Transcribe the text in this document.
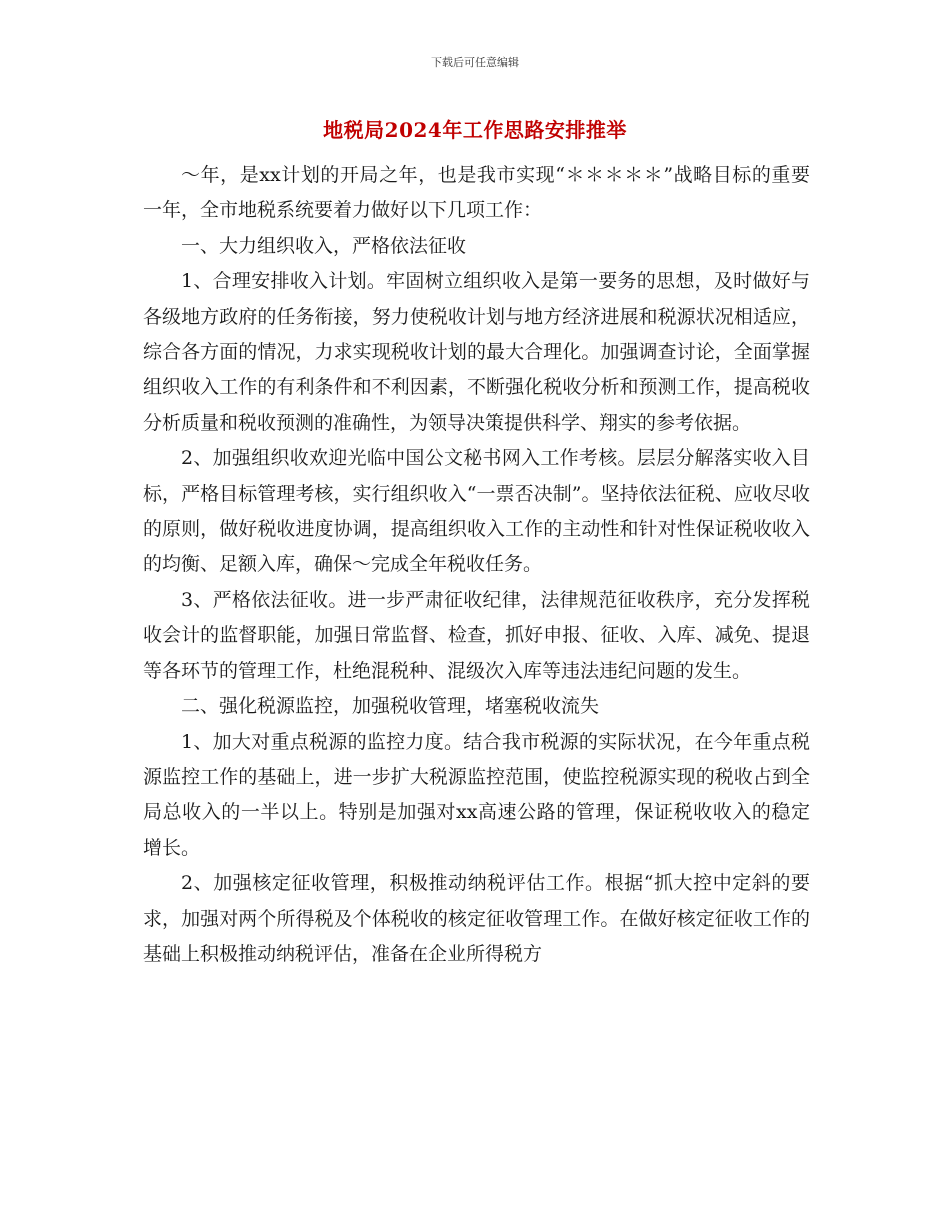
下载后可任意编辑
地税局2024年工作思路安排推举

～年，是xx计划的开局之年，也是我市实现“＊＊＊＊＊”战略目标的重要一年，全市地税系统要着力做好以下几项工作：

一、大力组织收入，严格依法征收

1、合理安排收入计划。牢固树立组织收入是第一要务的思想，及时做好与各级地方政府的任务衔接，努力使税收计划与地方经济进展和税源状况相适应，综合各方面的情况，力求实现税收计划的最大合理化。加强调查讨论，全面掌握组织收入工作的有利条件和不利因素，不断强化税收分析和预测工作，提高税收分析质量和税收预测的准确性，为领导决策提供科学、翔实的参考依据。

2、加强组织收欢迎光临中国公文秘书网入工作考核。层层分解落实收入目标，严格目标管理考核，实行组织收入“一票否决制”。坚持依法征税、应收尽收的原则，做好税收进度协调，提高组织收入工作的主动性和针对性保证税收收入的均衡、足额入库，确保～完成全年税收任务。

3、严格依法征收。进一步严肃征收纪律，法律规范征收秩序，充分发挥税收会计的监督职能，加强日常监督、检查，抓好申报、征收、入库、减免、提退等各环节的管理工作，杜绝混税种、混级次入库等违法违纪问题的发生。

二、强化税源监控，加强税收管理，堵塞税收流失

1、加大对重点税源的监控力度。结合我市税源的实际状况，在今年重点税源监控工作的基础上，进一步扩大税源监控范围，使监控税源实现的税收占到全局总收入的一半以上。特别是加强对xx高速公路的管理，保证税收收入的稳定增长。

2、加强核定征收管理，积极推动纳税评估工作。根据“抓大控中定斜的要求，加强对两个所得税及个体税收的核定征收管理工作。在做好核定征收工作的基础上积极推动纳税评估，准备在企业所得税方
